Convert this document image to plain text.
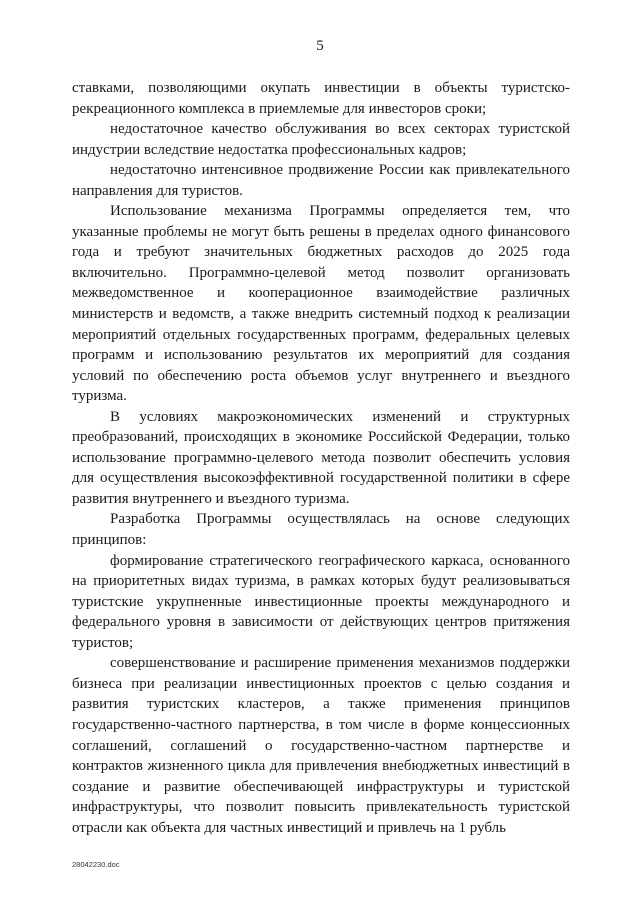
5

ставками, позволяющими окупать инвестиции в объекты туристско-рекреационного комплекса в приемлемые для инвесторов сроки;

недостаточное качество обслуживания во всех секторах туристской индустрии вследствие недостатка профессиональных кадров;

недостаточно интенсивное продвижение России как привлекательного направления для туристов.

Использование механизма Программы определяется тем, что указанные проблемы не могут быть решены в пределах одного финансового года и требуют значительных бюджетных расходов до 2025 года включительно. Программно-целевой метод позволит организовать межведомственное и кооперационное взаимодействие различных министерств и ведомств, а также внедрить системный подход к реализации мероприятий отдельных государственных программ, федеральных целевых программ и использованию результатов их мероприятий для создания условий по обеспечению роста объемов услуг внутреннего и въездного туризма.

В условиях макроэкономических изменений и структурных преобразований, происходящих в экономике Российской Федерации, только использование программно-целевого метода позволит обеспечить условия для осуществления высокоэффективной государственной политики в сфере развития внутреннего и въездного туризма.

Разработка Программы осуществлялась на основе следующих принципов:

формирование стратегического географического каркаса, основанного на приоритетных видах туризма, в рамках которых будут реализовываться туристские укрупненные инвестиционные проекты международного и федерального уровня в зависимости от действующих центров притяжения туристов;

совершенствование и расширение применения механизмов поддержки бизнеса при реализации инвестиционных проектов с целью создания и развития туристских кластеров, а также применения принципов государственно-частного партнерства, в том числе в форме концессионных соглашений, соглашений о государственно-частном партнерстве и контрактов жизненного цикла для привлечения внебюджетных инвестиций в создание и развитие обеспечивающей инфраструктуры и туристской инфраструктуры, что позволит повысить привлекательность туристской отрасли как объекта для частных инвестиций и привлечь на 1 рубль

28042230.doc
